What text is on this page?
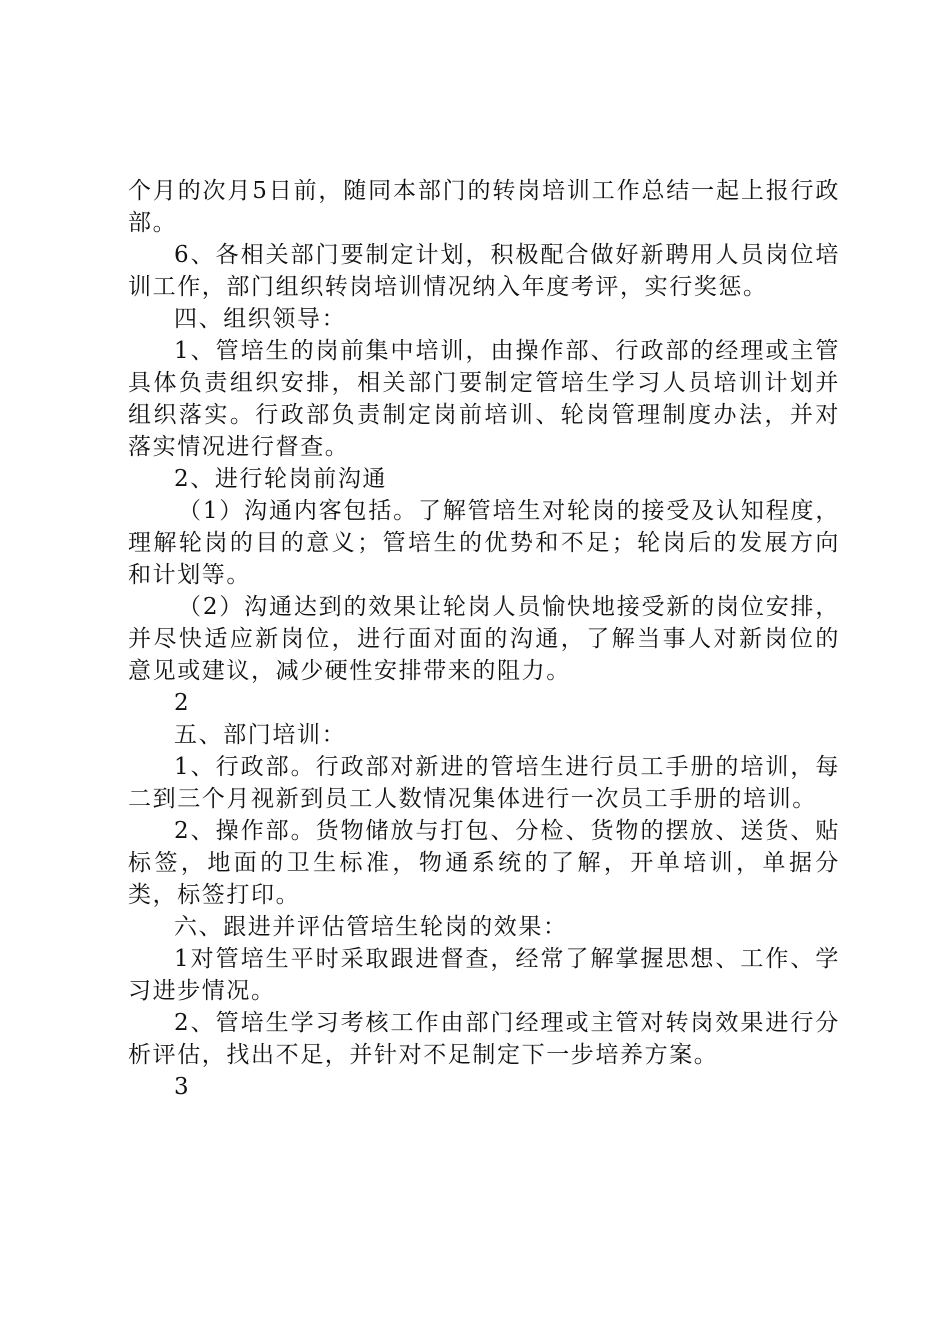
个月的次月5日前，随同本部门的转岗培训工作总结一起上报行政部。

6、各相关部门要制定计划，积极配合做好新聘用人员岗位培训工作，部门组织转岗培训情况纳入年度考评，实行奖惩。

四、组织领导：

1、管培生的岗前集中培训，由操作部、行政部的经理或主管具体负责组织安排，相关部门要制定管培生学习人员培训计划并组织落实。行政部负责制定岗前培训、轮岗管理制度办法，并对落实情况进行督查。

2、进行轮岗前沟通

（1）沟通内客包括。了解管培生对轮岗的接受及认知程度，理解轮岗的目的意义；管培生的优势和不足；轮岗后的发展方向和计划等。

（2）沟通达到的效果让轮岗人员愉快地接受新的岗位安排，并尽快适应新岗位，进行面对面的沟通，了解当事人对新岗位的意见或建议，减少硬性安排带来的阻力。

2

五、部门培训：

1、行政部。行政部对新进的管培生进行员工手册的培训，每二到三个月视新到员工人数情况集体进行一次员工手册的培训。

2、操作部。货物储放与打包、分检、货物的摆放、送货、贴标签，地面的卫生标准，物通系统的了解，开单培训，单据分类，标签打印。

六、跟进并评估管培生轮岗的效果：

1对管培生平时采取跟进督查，经常了解掌握思想、工作、学习进步情况。

2、管培生学习考核工作由部门经理或主管对转岗效果进行分析评估，找出不足，并针对不足制定下一步培养方案。

3
